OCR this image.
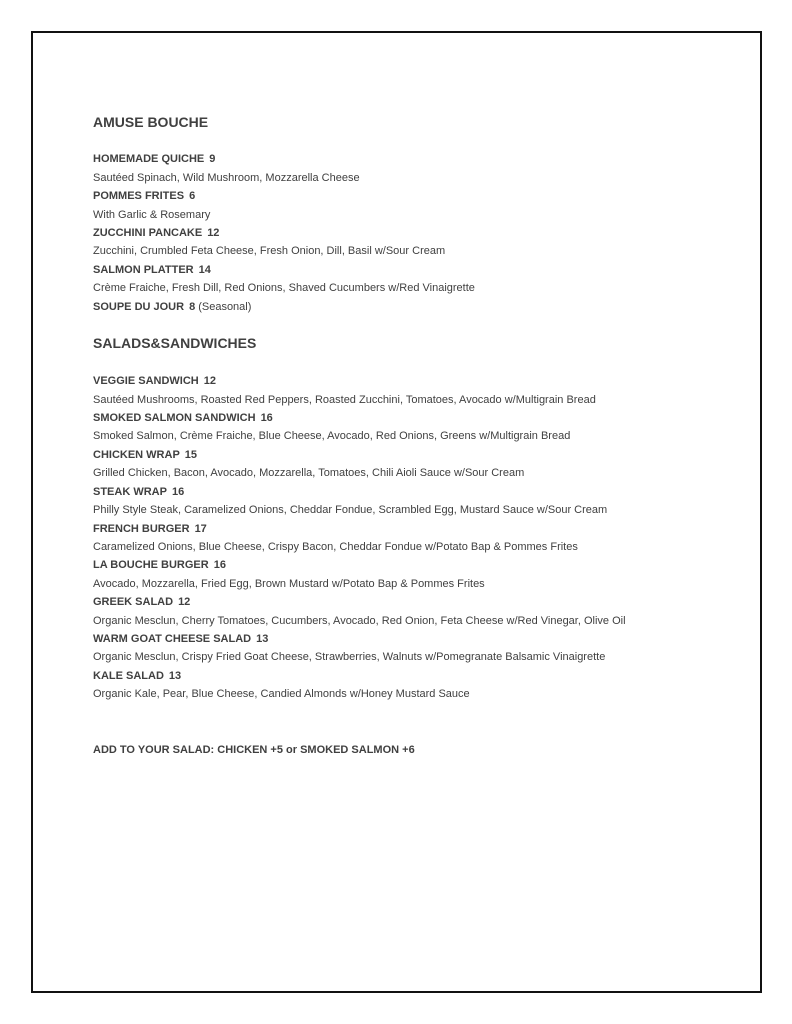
AMUSE BOUCHE
HOMEMADE QUICHE 9
Sautéed Spinach, Wild Mushroom, Mozzarella Cheese
POMMES FRITES 6
With Garlic & Rosemary
ZUCCHINI PANCAKE 12
Zucchini, Crumbled Feta Cheese, Fresh Onion, Dill, Basil w/Sour Cream
SALMON PLATTER 14
Crème Fraiche, Fresh Dill, Red Onions, Shaved Cucumbers w/Red Vinaigrette
SOUPE DU JOUR 8 (Seasonal)
SALADS&SANDWICHES
VEGGIE SANDWICH 12
Sautéed Mushrooms, Roasted Red Peppers, Roasted Zucchini, Tomatoes, Avocado w/Multigrain Bread
SMOKED SALMON SANDWICH 16
Smoked Salmon, Crème Fraiche, Blue Cheese, Avocado, Red Onions, Greens w/Multigrain Bread
CHICKEN WRAP 15
Grilled Chicken, Bacon, Avocado, Mozzarella, Tomatoes, Chili Aioli Sauce w/Sour Cream
STEAK WRAP 16
Philly Style Steak, Caramelized Onions, Cheddar Fondue, Scrambled Egg, Mustard Sauce w/Sour Cream
FRENCH BURGER 17
Caramelized Onions, Blue Cheese, Crispy Bacon, Cheddar Fondue w/Potato Bap & Pommes Frites
LA BOUCHE BURGER 16
Avocado, Mozzarella, Fried Egg, Brown Mustard w/Potato Bap & Pommes Frites
GREEK SALAD 12
Organic Mesclun, Cherry Tomatoes, Cucumbers, Avocado, Red Onion, Feta Cheese w/Red Vinegar, Olive Oil
WARM GOAT CHEESE SALAD 13
Organic Mesclun, Crispy Fried Goat Cheese, Strawberries, Walnuts w/Pomegranate Balsamic Vinaigrette
KALE SALAD 13
Organic Kale, Pear, Blue Cheese, Candied Almonds w/Honey Mustard Sauce
ADD TO YOUR SALAD: CHICKEN +5 or SMOKED SALMON +6
